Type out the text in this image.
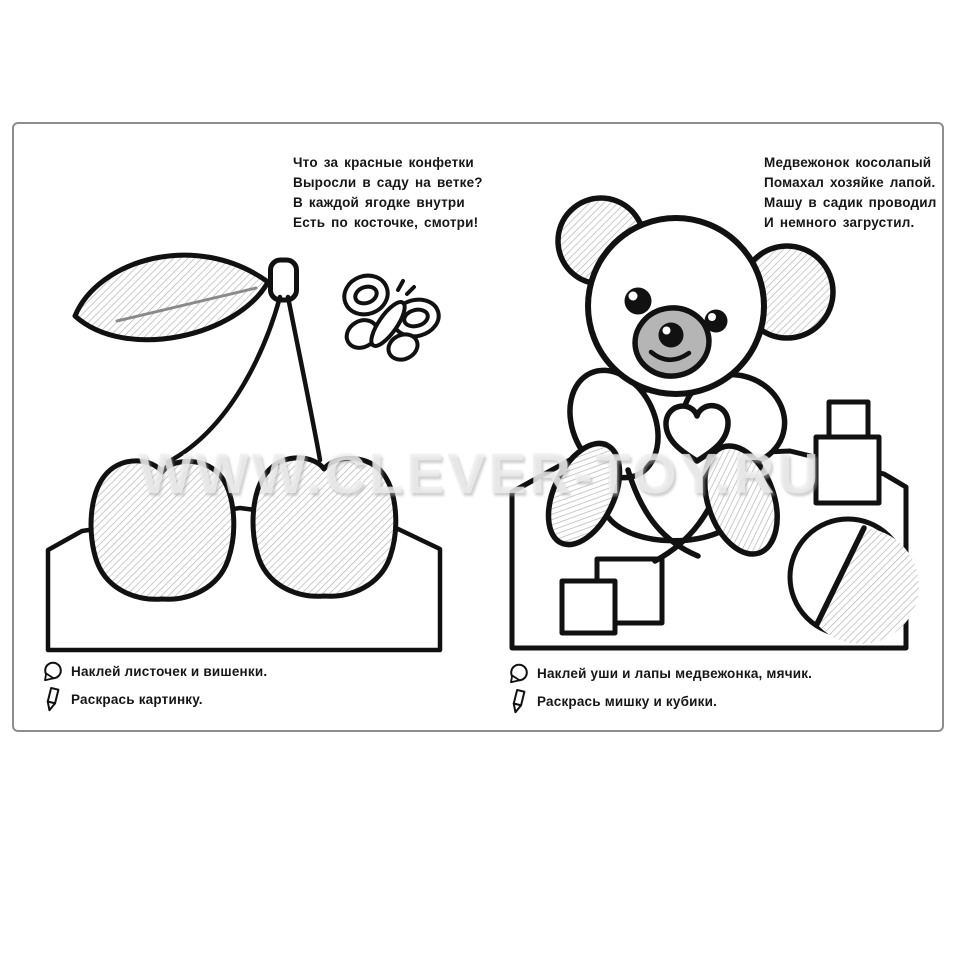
WWW.CLEVER-TOY.RU
Что за красные конфетки
Выросли в саду на ветке?
В каждой ягодке внутри
Есть по косточке, смотри!
Медвежонок косолапый
Помахал хозяйке лапой.
Машу в садик проводил
И немного загрустил.
Наклей листочек и вишенки.
Раскрась картинку.
Наклей уши и лапы медвежонка, мячик.
Раскрась мишку и кубики.
